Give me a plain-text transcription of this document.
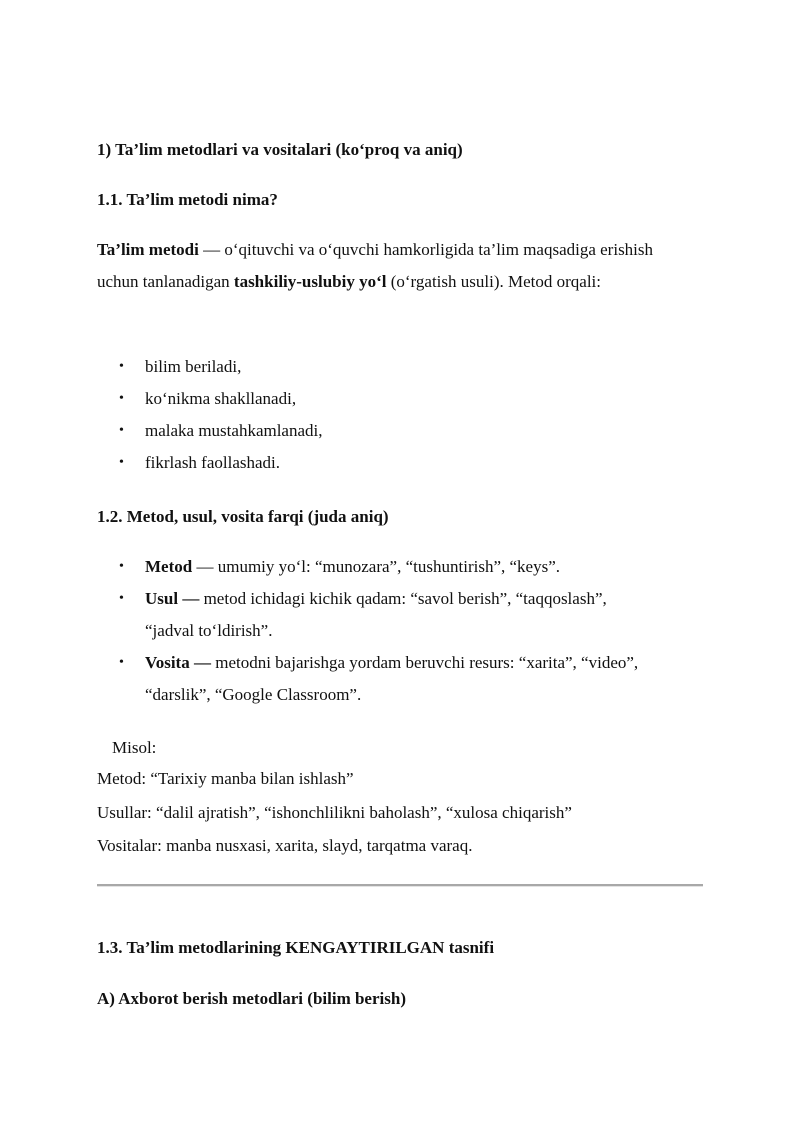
1) Ta’lim metodlari va vositalari (ko‘proq va aniq)

1.1. Ta’lim metodi nima?

Ta’lim metodi — o‘qituvchi va o‘quvchi hamkorligida ta’lim maqsadiga erishish uchun tanlanadigan tashkiliy-uslubiy yo‘l (o‘rgatish usuli). Metod orqali:

• bilim beriladi,
• ko‘nikma shakllanadi,
• malaka mustahkamlanadi,
• fikrlash faollashadi.

1.2. Metod, usul, vosita farqi (juda aniq)

• Metod — umumiy yo‘l: “munozara”, “tushuntirish”, “keys”.
• Usul — metod ichidagi kichik qadam: “savol berish”, “taqqoslash”,
“jadval to‘ldirish”.
• Vosita — metodni bajarishga yordam beruvchi resurs: “xarita”, “video”,
“darslik”, “Google Classroom”.

Misol:

Metod: “Tarixiy manba bilan ishlash”

Usullar: “dalil ajratish”, “ishonchlilikni baholash”, “xulosa chiqarish”

Vositalar: manba nusxasi, xarita, slayd, tarqatma varaq.

1.3. Ta’lim metodlarining KENGAYTIRILGAN tasnifi

A) Axborot berish metodlari (bilim berish)
